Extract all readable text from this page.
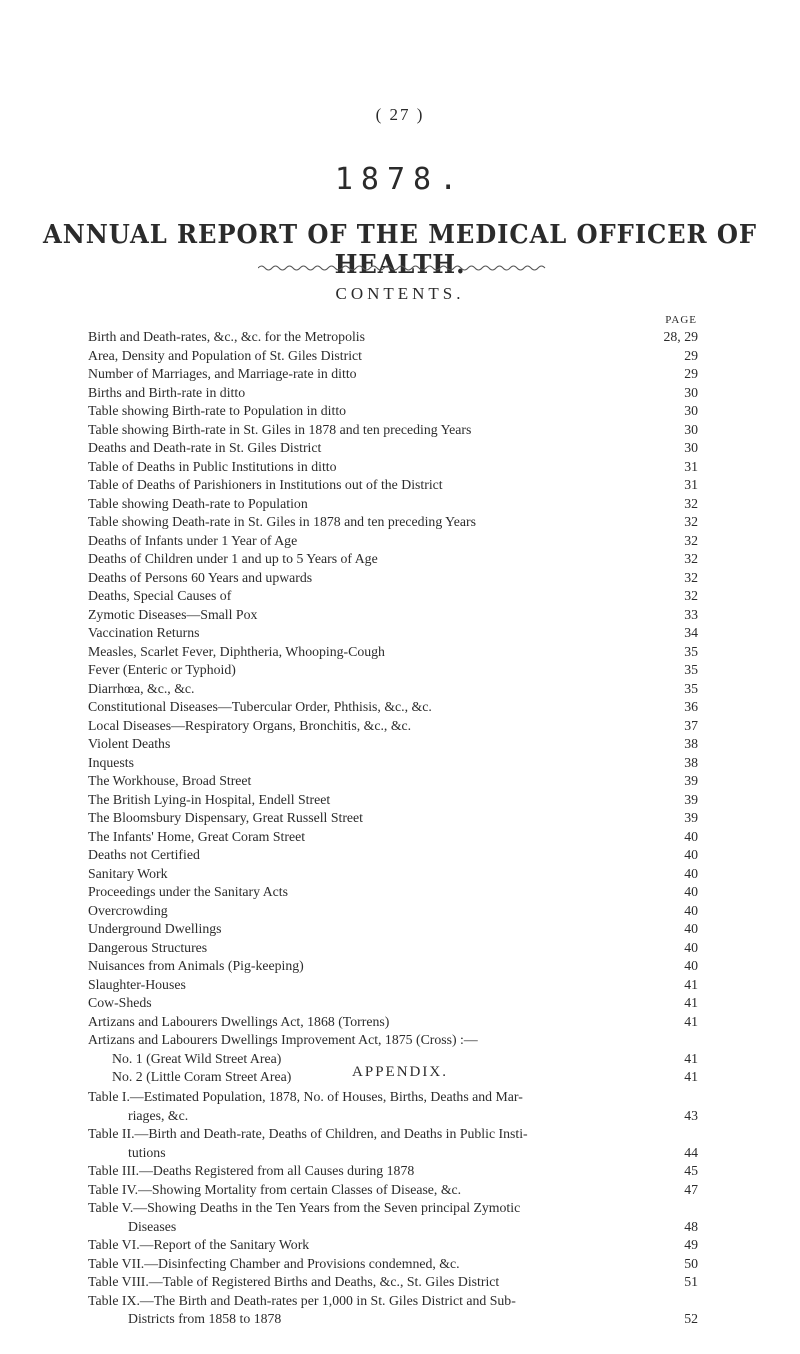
( 27 )
1878.
ANNUAL REPORT OF THE MEDICAL OFFICER OF HEALTH.
CONTENTS.
PAGE
Birth and Death-rates, &c., &c. for the Metropolis	28, 29
Area, Density and Population of St. Giles District	29
Number of Marriages, and Marriage-rate in ditto	29
Births and Birth-rate in ditto	30
Table showing Birth-rate to Population in ditto	30
Table showing Birth-rate in St. Giles in 1878 and ten preceding Years	30
Deaths and Death-rate in St. Giles District	30
Table of Deaths in Public Institutions in ditto	31
Table of Deaths of Parishioners in Institutions out of the District	31
Table showing Death-rate to Population	32
Table showing Death-rate in St. Giles in 1878 and ten preceding Years	32
Deaths of Infants under 1 Year of Age	32
Deaths of Children under 1 and up to 5 Years of Age	32
Deaths of Persons 60 Years and upwards	32
Deaths, Special Causes of	32
Zymotic Diseases—Small Pox	33
Vaccination Returns	34
Measles, Scarlet Fever, Diphtheria, Whooping-Cough	35
Fever (Enteric or Typhoid)	35
Diarrhœa, &c., &c.	35
Constitutional Diseases—Tubercular Order, Phthisis, &c., &c.	36
Local Diseases—Respiratory Organs, Bronchitis, &c., &c.	37
Violent Deaths	38
Inquests	38
The Workhouse, Broad Street	39
The British Lying-in Hospital, Endell Street	39
The Bloomsbury Dispensary, Great Russell Street	39
The Infants' Home, Great Coram Street	40
Deaths not Certified	40
Sanitary Work	40
Proceedings under the Sanitary Acts	40
Overcrowding	40
Underground Dwellings	40
Dangerous Structures	40
Nuisances from Animals (Pig-keeping)	40
Slaughter-Houses	41
Cow-Sheds	41
Artizans and Labourers Dwellings Act, 1868 (Torrens)	41
Artizans and Labourers Dwellings Improvement Act, 1875 (Cross) :—
No. 1 (Great Wild Street Area)	41
No. 2 (Little Coram Street Area)	41
APPENDIX.
Table I.—Estimated Population, 1878, No. of Houses, Births, Deaths and Mar-
riages, &c.	43
Table II.—Birth and Death-rate, Deaths of Children, and Deaths in Public Insti-
tutions	44
Table III.—Deaths Registered from all Causes during 1878	45
Table IV.—Showing Mortality from certain Classes of Disease, &c.	47
Table V.—Showing Deaths in the Ten Years from the Seven principal Zymotic
Diseases	48
Table VI.—Report of the Sanitary Work	49
Table VII.—Disinfecting Chamber and Provisions condemned, &c.	50
Table VIII.—Table of Registered Births and Deaths, &c., St. Giles District	51
Table IX.—The Birth and Death-rates per 1,000 in St. Giles District and Sub-
Districts from 1858 to 1878	52
